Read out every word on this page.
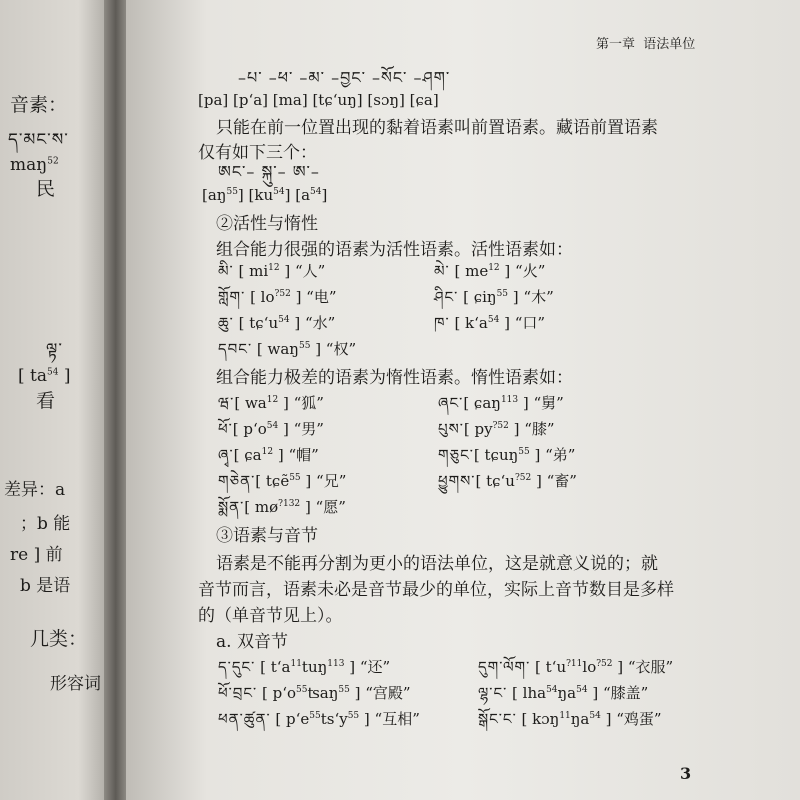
音素：
ད་མང་ས་
maŋ$^{52}$
民
ལྟ་
[ $ta^{54}$ ]
看
差异：a
；b 能
re ] 前
b 是语
几类：
形容词
第一章 语法单位
–པ་ –ཕ་ –མ་ –བྱང་ –སོང་ –ཤག་
[pa] [pʻa] [ma] [tɕʻuŋ] [sɔŋ] [ɕa]
只能在前一位置出现的黏着语素叫前置语素。藏语前置语素
仅有如下三个：
ཨང་– སྐུ་– ཨ་–
$[aŋ^{55}]$ $[ku^{54}]$ $[a^{54}]$
②活性与惰性
组合能力很强的语素为活性语素。活性语素如：
མི་ [ $mi^{12}$ ] “人”	མེ་ [ $me^{12}$ ] “火”
གློག་ [ $lo^{?52}$ ] “电”	ཤིང་ [ ɕiŋ$^{55}$ ] “木”
ཆུ་ [ tɕʻu$^{54}$ ] “水”	ཁ་ [ kʻa$^{54}$ ] “口”
དབང་ [ waŋ$^{55}$ ] “权”
组合能力极差的语素为惰性语素。惰性语素如：
ཝ་[ $wa^{12}$ ] “狐”	ཞང་[ ɕaŋ$^{113}$ ] “舅”
ཕོ་[ pʻo$^{54}$ ] “男”	པུས་[ $py^{?52}$ ] “膝”
ཞྭ་[ ɕa$^{12}$ ] “帽”	གཅུང་[ tɕuŋ$^{55}$ ] “弟”
གཅེན་[ tɕẽ$^{55}$ ] “兄”	ཕྱུགས་[ tɕʻu$^{?52}$ ] “畜”
སྨོན་[ $mø^{?132}$ ] “愿”
③语素与音节
语素是不能再分割为更小的语法单位，这是就意义说的；就
音节而言，语素未必是音节最少的单位，实际上音节数目是多样
的（单音节见上）。
a. 双音节
ད་དུང་ [ tʻa$^{11}$tuŋ$^{113}$ ] “还”	དུག་ལོག་ [ $tʻu^{?11}lo^{?52}$ ] “衣服”
ཕོ་བྲང་ [ pʻo$^{55}$ʦaŋ$^{55}$ ] “宫殿”	ལྷ་ང་ [ $lha^{54}ŋa^{54}$ ] “膝盖”
ཕན་ཚུན་ [ pʻe$^{55}$tsʻy$^{55}$ ] “互相”	སྒོང་ང་ [ $kɔŋ^{11}ŋa^{54}$ ] “鸡蛋”
3
